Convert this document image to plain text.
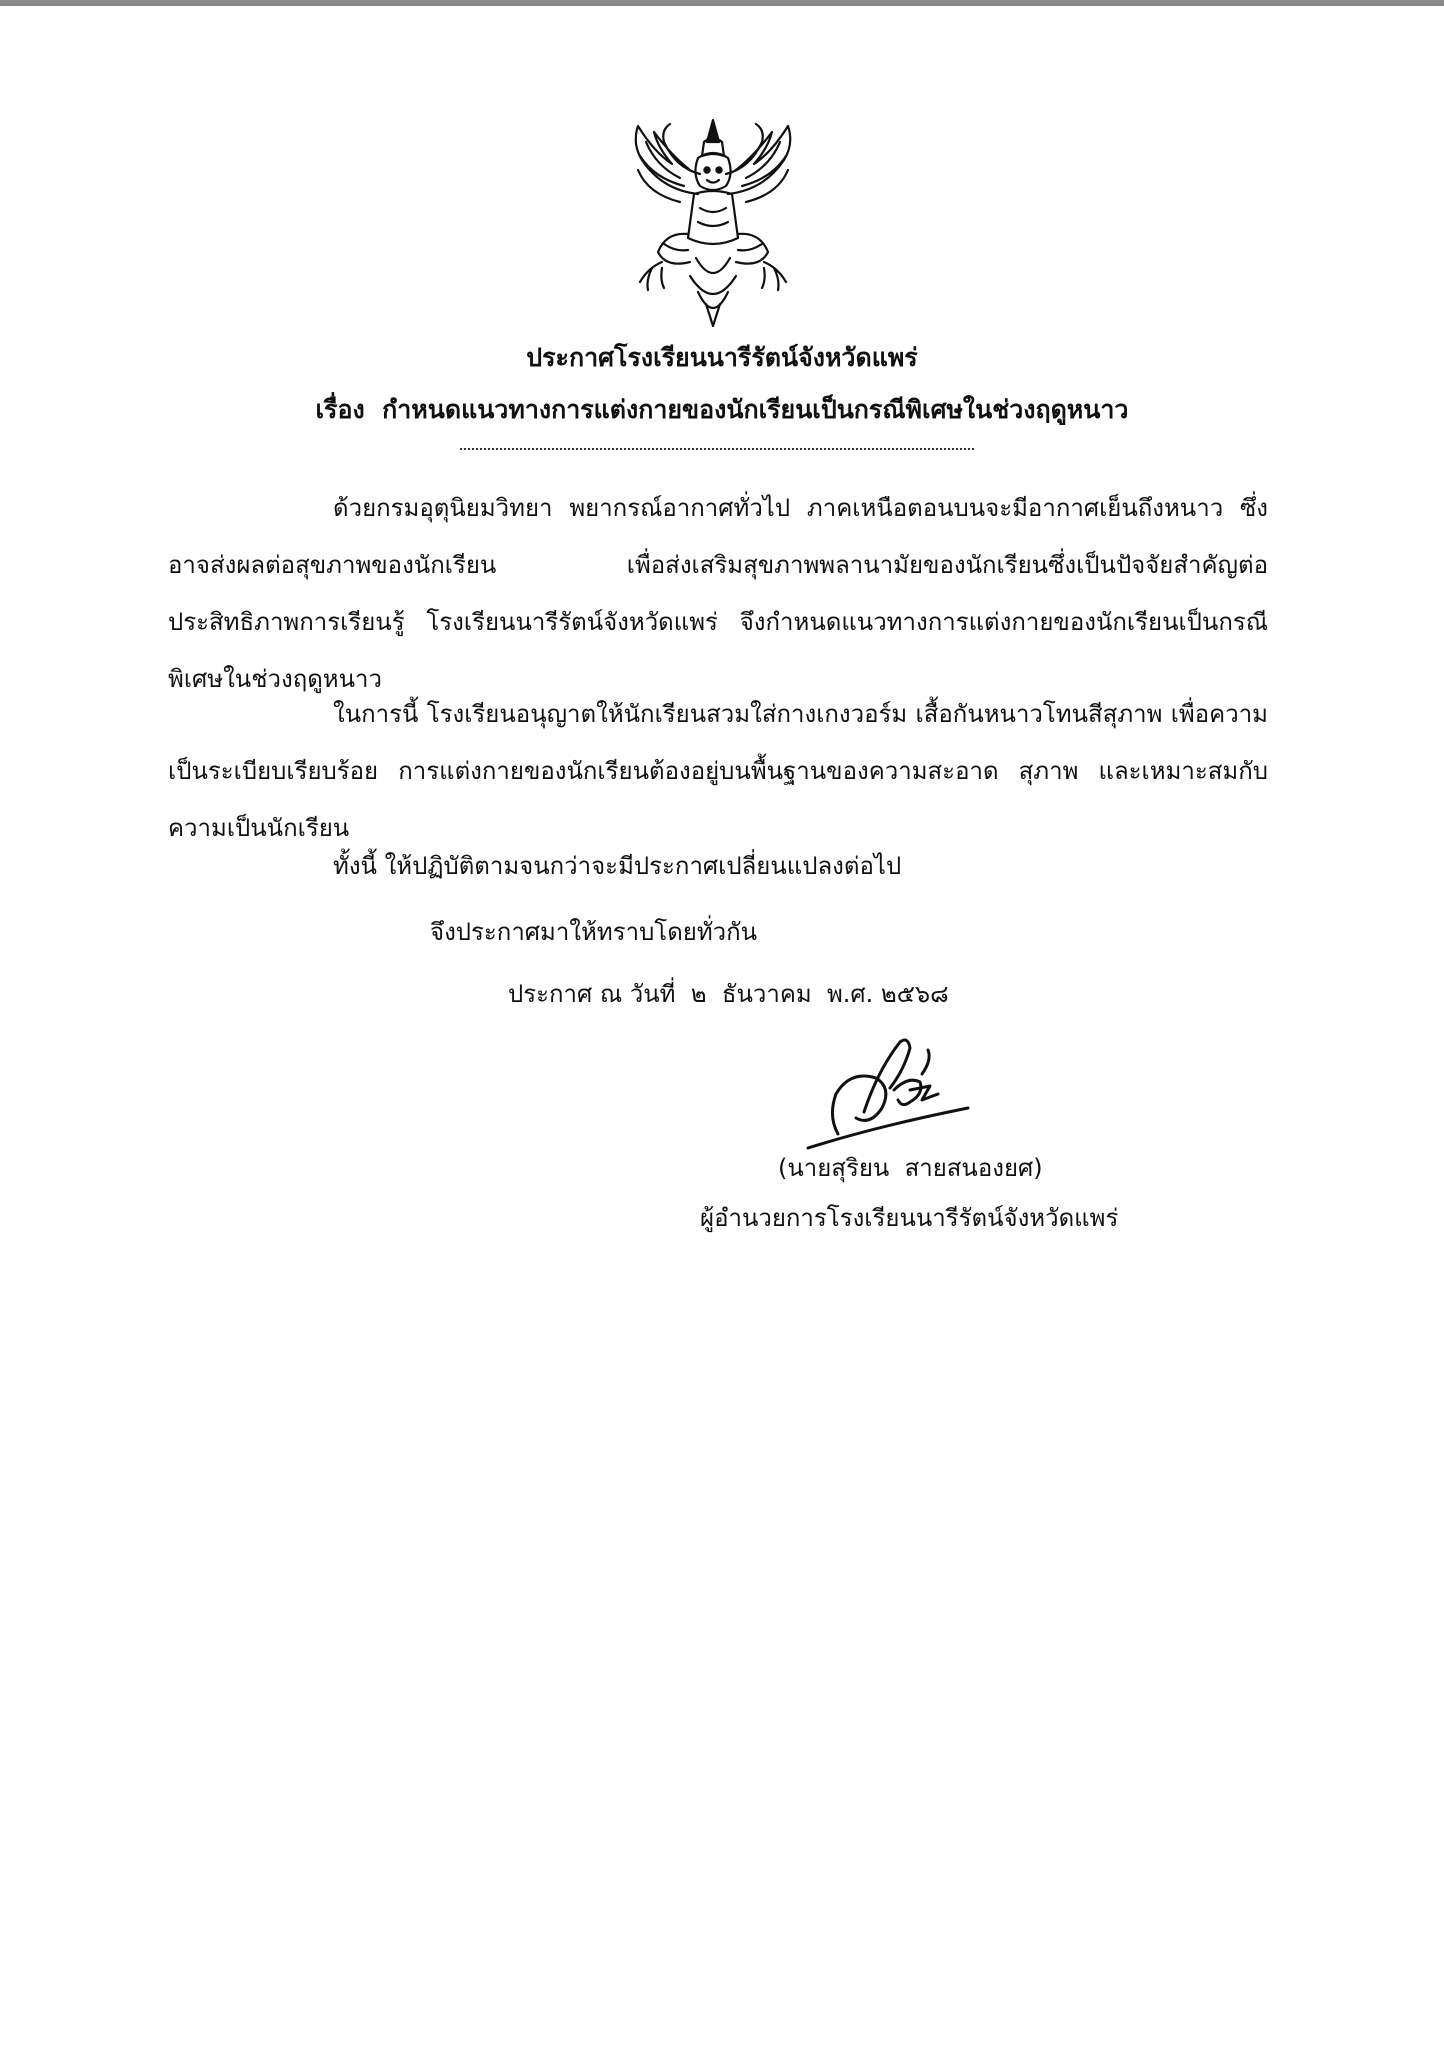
ประกาศโรงเรียนนารีรัตน์จังหวัดแพร่
เรื่อง  กำหนดแนวทางการแต่งกายของนักเรียนเป็นกรณีพิเศษในช่วงฤดูหนาว
ด้วยกรมอุตุนิยมวิทยา พยากรณ์อากาศทั่วไป ภาคเหนือตอนบนจะมีอากาศเย็นถึงหนาว ซึ่งอาจส่งผลต่อสุขภาพของนักเรียน เพื่อส่งเสริมสุขภาพพลานามัยของนักเรียนซึ่งเป็นปัจจัยสำคัญต่อประสิทธิภาพการเรียนรู้ โรงเรียนนารีรัตน์จังหวัดแพร่ จึงกำหนดแนวทางการแต่งกายของนักเรียนเป็นกรณีพิเศษในช่วงฤดูหนาว
ในการนี้ โรงเรียนอนุญาตให้นักเรียนสวมใส่กางเกงวอร์ม เสื้อกันหนาวโทนสีสุภาพ เพื่อความเป็นระเบียบเรียบร้อย การแต่งกายของนักเรียนต้องอยู่บนพื้นฐานของความสะอาด สุภาพ และเหมาะสมกับความเป็นนักเรียน
ทั้งนี้ ให้ปฏิบัติตามจนกว่าจะมีประกาศเปลี่ยนแปลงต่อไป
จึงประกาศมาให้ทราบโดยทั่วกัน
ประกาศ ณ วันที่  ๒  ธันวาคม  พ.ศ. ๒๕๖๘
(นายสุริยน  สายสนองยศ)
ผู้อำนวยการโรงเรียนนารีรัตน์จังหวัดแพร่
